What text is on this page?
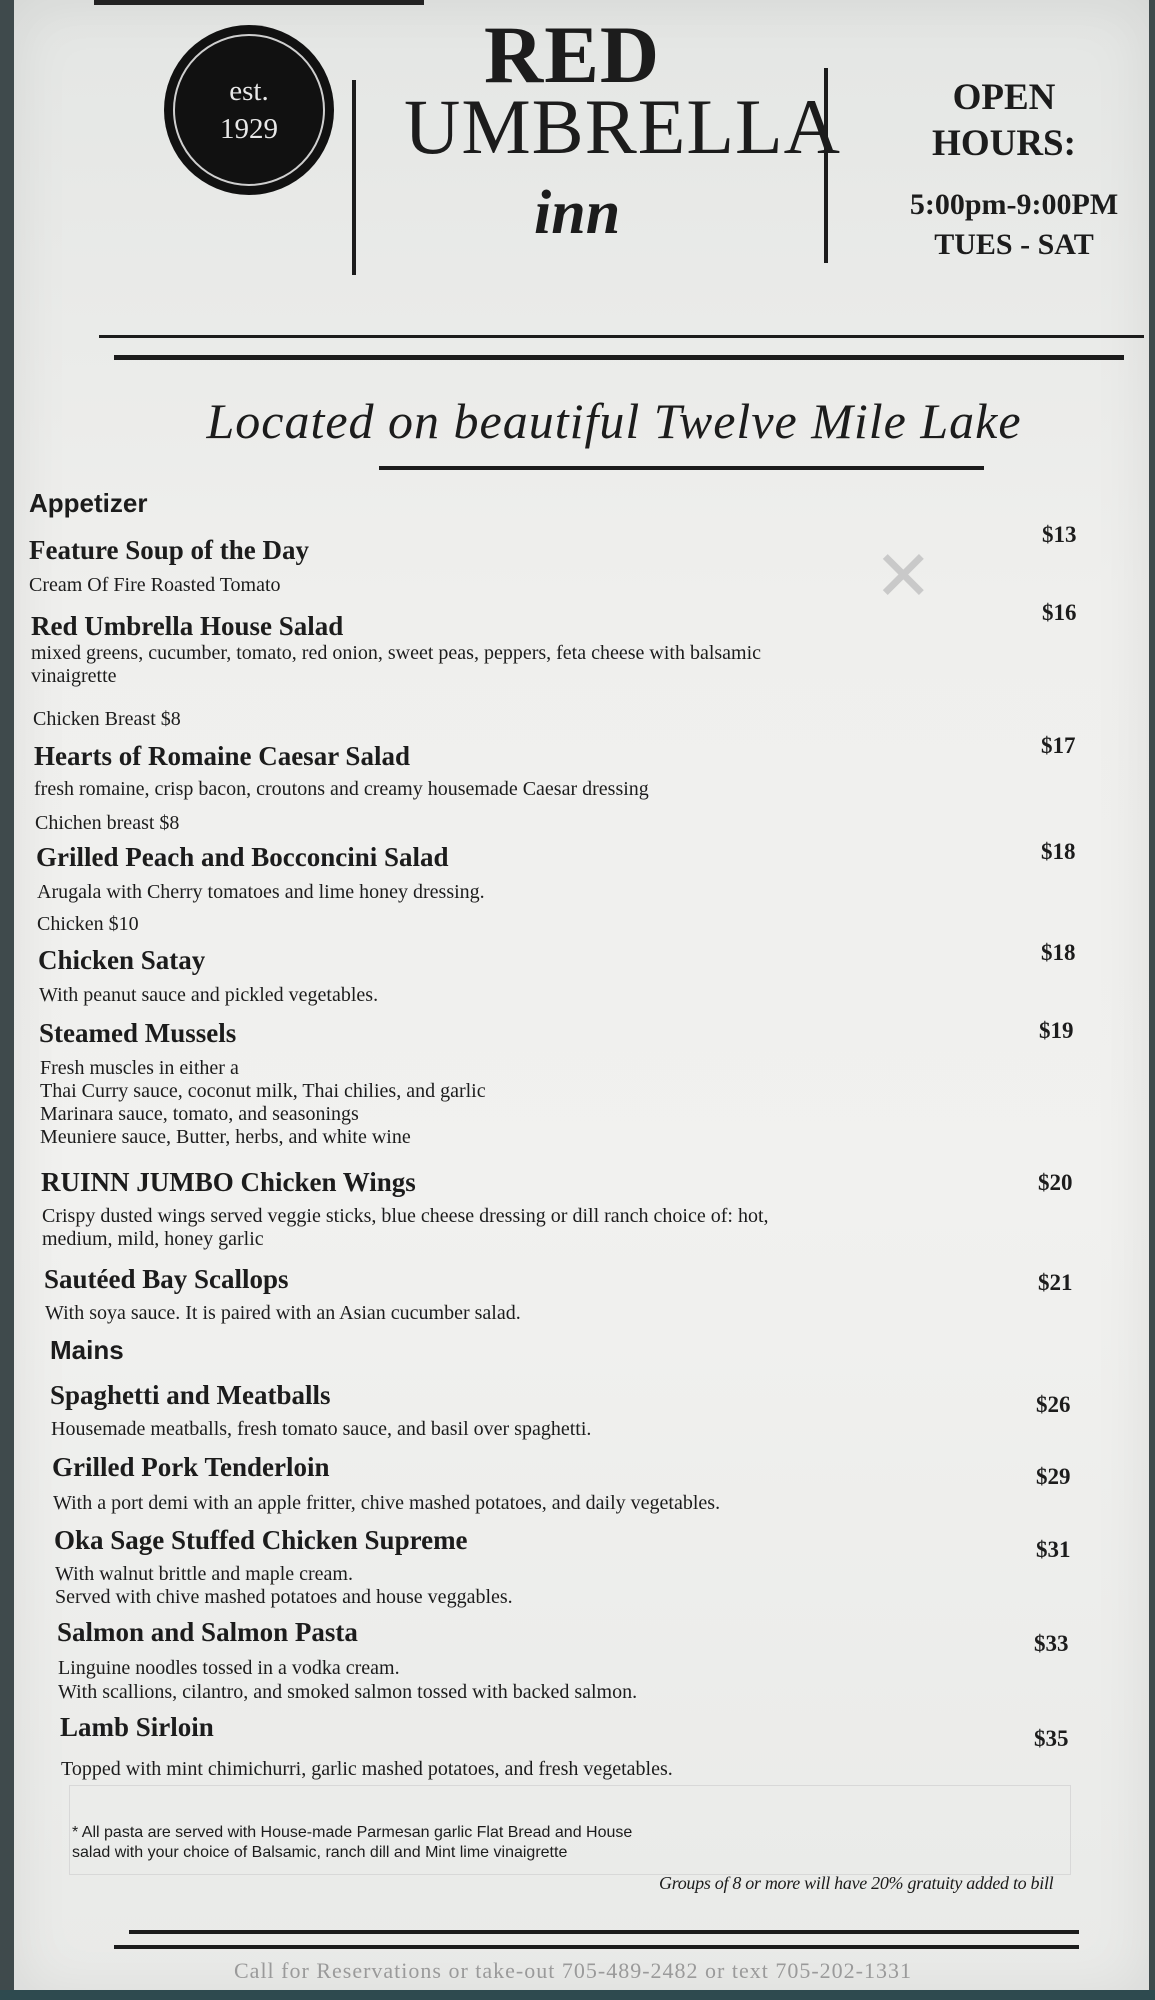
est.
1929
RED
UMBRELLA
inn
OPEN
HOURS:
5:00pm-9:00PM
TUES - SAT
Located on beautiful Twelve Mile Lake
✕
Appetizer
Mains
Feature Soup of the Day
Cream Of Fire Roasted Tomato
$13
Red Umbrella House Salad
mixed greens, cucumber, tomato, red onion, sweet peas, peppers, feta cheese with balsamic
vinaigrette
Chicken Breast $8
$16
Hearts of Romaine Caesar Salad
fresh romaine, crisp bacon, croutons and creamy housemade Caesar dressing
Chichen breast $8
$17
Grilled Peach and Bocconcini Salad
Arugala with Cherry tomatoes and lime honey dressing.
Chicken $10
$18
Chicken Satay
With peanut sauce and pickled vegetables.
$18
Steamed Mussels
Fresh muscles in either a
Thai Curry sauce, coconut milk, Thai chilies, and garlic
Marinara sauce, tomato, and seasonings
Meuniere sauce, Butter, herbs, and white wine
$19
RUINN JUMBO Chicken Wings
Crispy dusted wings served veggie sticks, blue cheese dressing or dill ranch choice of: hot,
medium, mild, honey garlic
$20
Sautéed Bay Scallops
With soya sauce. It is paired with an Asian cucumber salad.
$21
Spaghetti and Meatballs
Housemade meatballs, fresh tomato sauce, and basil over spaghetti.
$26
Grilled Pork Tenderloin
With a port demi with an apple fritter, chive mashed potatoes, and daily vegetables.
$29
Oka Sage Stuffed Chicken Supreme
With walnut brittle and maple cream.
Served with chive mashed potatoes and house veggables.
$31
Salmon and Salmon Pasta
Linguine noodles tossed in a vodka cream.
With scallions, cilantro, and smoked salmon tossed with backed salmon.
$33
Lamb Sirloin
Topped with mint chimichurri, garlic mashed potatoes, and fresh vegetables.
$35
* All pasta are served with House-made Parmesan garlic Flat Bread and House salad with your choice of Balsamic, ranch dill and Mint lime vinaigrette
Groups of 8 or more will have 20% gratuity added to bill
Call for Reservations or take-out 705-489-2482 or text 705-202-1331
